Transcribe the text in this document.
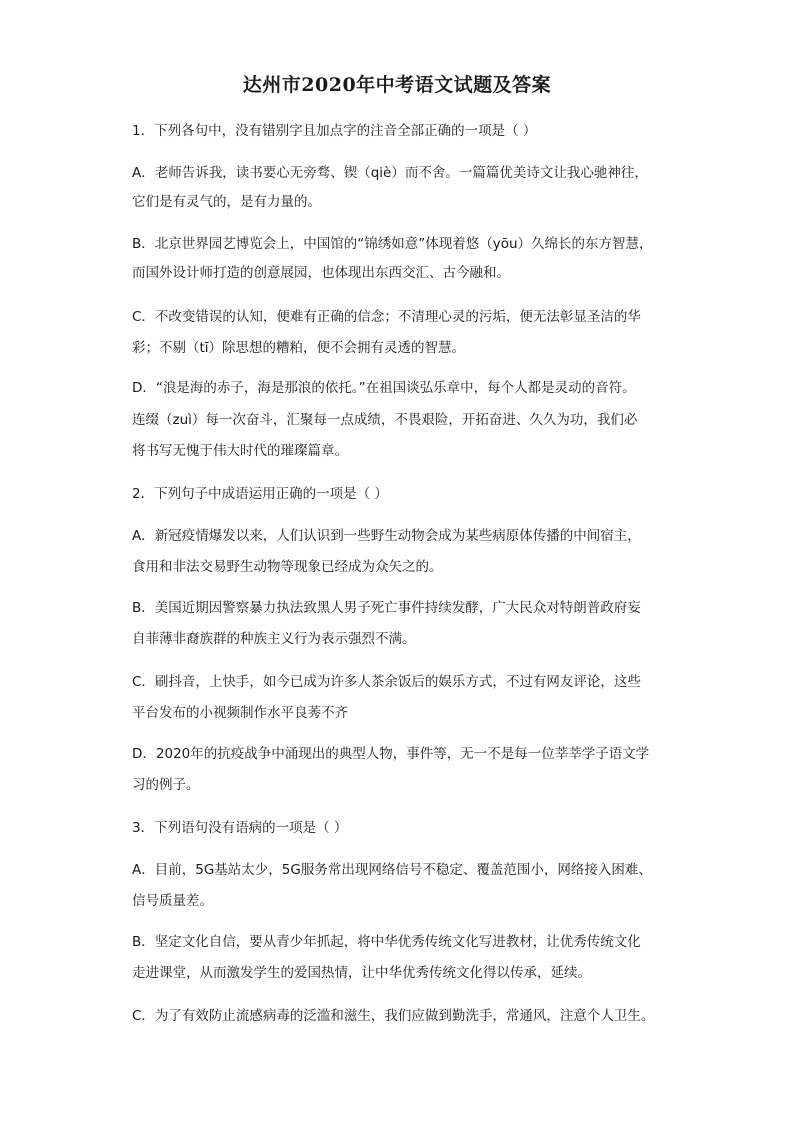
达州市2020年中考语文试题及答案
1．下列各句中，没有错别字且加点字的注音全部正确的一项是（ ）
A．老师告诉我，读书要心无旁骛、锲（qiè）而不舍。一篇篇优美诗文让我心驰神往，
它们是有灵气的，是有力量的。
B．北京世界园艺博览会上，中国馆的“锦绣如意”体现着悠（yōu）久绵长的东方智慧，
而国外设计师打造的创意展园，也体现出东西交汇、古今融和。
C．不改变错误的认知，便难有正确的信念；不清理心灵的污垢，便无法彰显圣洁的华
彩；不剔（tī）除思想的糟粕，便不会拥有灵透的智慧。
D．“浪是海的赤子，海是那浪的依托。”在祖国谈弘乐章中，每个人都是灵动的音符。
连缀（zuì）每一次奋斗，汇聚每一点成绩，不畏艰险，开拓奋进、久久为功，我们必
将书写无愧于伟大时代的璀璨篇章。
2．下列句子中成语运用正确的一项是（ ）
A．新冠疫情爆发以来，人们认识到一些野生动物会成为某些病原体传播的中间宿主，
食用和非法交易野生动物等现象已经成为众矢之的。
B．美国近期因警察暴力执法致黑人男子死亡事件持续发酵，广大民众对特朗普政府妄
自菲薄非裔族群的种族主义行为表示强烈不满。
C．刷抖音，上快手，如今已成为许多人茶余饭后的娱乐方式，不过有网友评论，这些
平台发布的小视频制作水平良莠不齐
D．2020年的抗疫战争中涌现出的典型人物，事件等，无一不是每一位莘莘学子语文学
习的例子。
3．下列语句没有语病的一项是（ ）
A．目前，5G基站太少，5G服务常出现网络信号不稳定、覆盖范围小，网络接入困难、
信号质量差。
B．坚定文化自信，要从青少年抓起，将中华优秀传统文化写进教材，让优秀传统文化
走进课堂，从而激发学生的爱国热情，让中华优秀传统文化得以传承，延续。
C．为了有效防止流感病毒的泛滥和滋生，我们应做到勤洗手，常通风，注意个人卫生。
